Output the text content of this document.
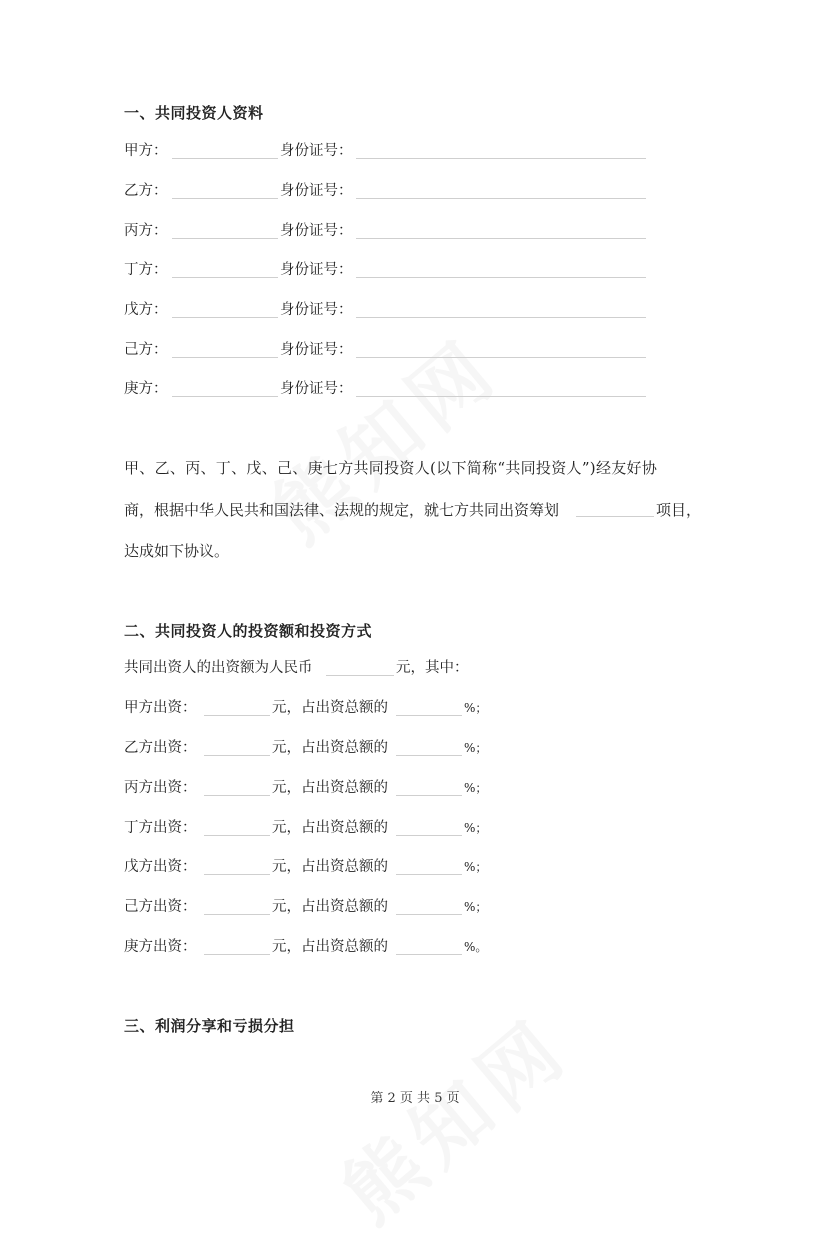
一、共同投资人资料
甲方：	身份证号：
乙方：	身份证号：
丙方：	身份证号：
丁方：	身份证号：
戊方：	身份证号：
己方：	身份证号：
庚方：	身份证号：
甲、乙、丙、丁、戊、己、庚七方共同投资人(以下简称“共同投资人”)经友好协
商，根据中华人民共和国法律、法规的规定，就七方共同出资筹划	项目，
达成如下协议。
二、共同投资人的投资额和投资方式
共同出资人的出资额为人民币	元，其中：
甲方出资：	元，占出资总额的	%；
乙方出资：	元，占出资总额的	%；
丙方出资：	元，占出资总额的	%；
丁方出资：	元，占出资总额的	%；
戊方出资：	元，占出资总额的	%；
己方出资：	元，占出资总额的	%；
庚方出资：	元，占出资总额的	%。
三、利润分享和亏损分担
第 2 页 共 5 页
